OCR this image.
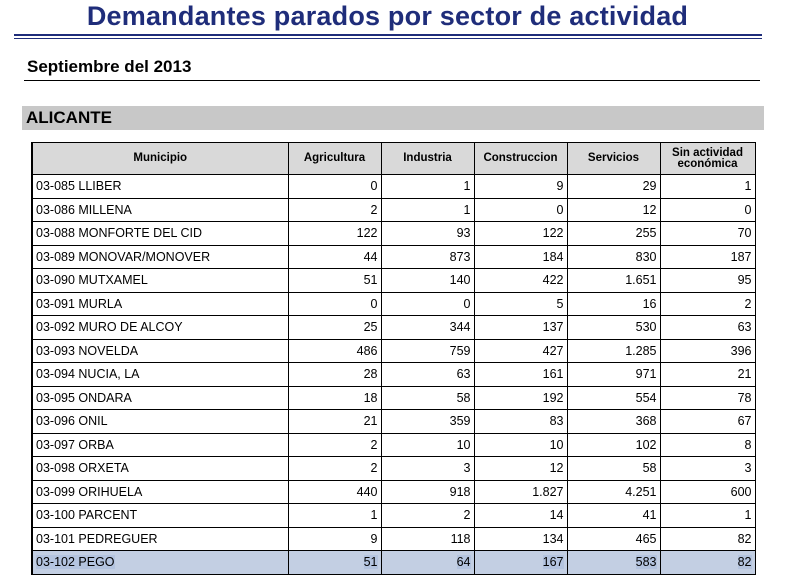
Demandantes parados por sector de actividad
Septiembre del 2013
ALICANTE
Municipio	Agricultura	Industria	Construccion	Servicios	Sin actividad económica
03-085 LLIBER	0	1	9	29	1
03-086 MILLENA	2	1	0	12	0
03-088 MONFORTE DEL CID	122	93	122	255	70
03-089 MONOVAR/MONOVER	44	873	184	830	187
03-090 MUTXAMEL	51	140	422	1.651	95
03-091 MURLA	0	0	5	16	2
03-092 MURO DE ALCOY	25	344	137	530	63
03-093 NOVELDA	486	759	427	1.285	396
03-094 NUCIA, LA	28	63	161	971	21
03-095 ONDARA	18	58	192	554	78
03-096 ONIL	21	359	83	368	67
03-097 ORBA	2	10	10	102	8
03-098 ORXETA	2	3	12	58	3
03-099 ORIHUELA	440	918	1.827	4.251	600
03-100 PARCENT	1	2	14	41	1
03-101 PEDREGUER	9	118	134	465	82
03-102 PEGO	51	64	167	583	82
